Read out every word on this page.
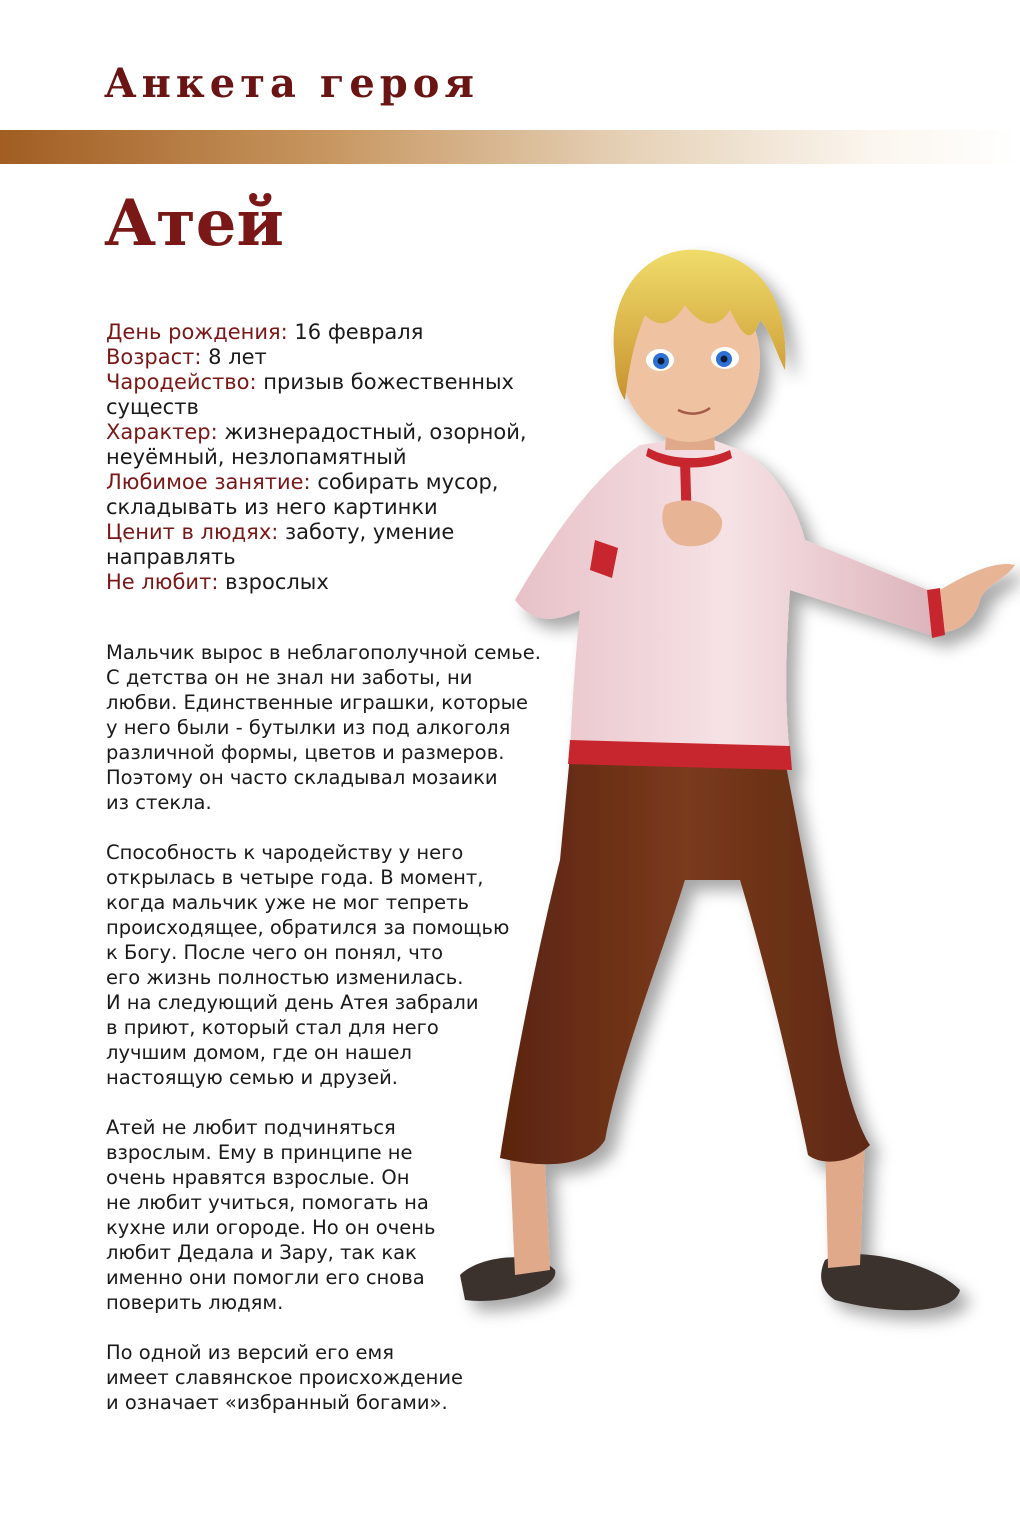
Анкета героя
Атей

День рождения: 16 февраля

Возраст: 8 лет

Чародейство: призыв божественных существ

Характер: жизнерадостный, озорной, неуёмный, незлопамятный

Любимое занятие: собирать мусор, складывать из него картинки

Ценит в людях: заботу, умение направлять

Не любит: взрослых

Мальчик вырос в неблагополучной семье.
С детства он не знал ни заботы, ни
любви. Единственные играшки, которые
у него были - бутылки из под алкоголя
различной формы, цветов и размеров.
Поэтому он часто складывал мозаики
из стекла.

Способность к чародейству у него
открылась в четыре года. В момент,
когда мальчик уже не мог тепреть
происходящее, обратился за помощью
к Богу. После чего он понял, что
его жизнь полностью изменилась.
И на следующий день Атея забрали
в приют, который стал для него
лучшим домом, где он нашел
настоящую семью и друзей.

Атей не любит подчиняться
взрослым. Ему в принципе не
очень нравятся взрослые. Он
не любит учиться, помогать на
кухне или огороде. Но он очень
любит Дедала и Зару, так как
именно они помогли его снова
поверить людям.

По одной из версий его емя
имеет славянское происхождение
и означает «избранный богами».
